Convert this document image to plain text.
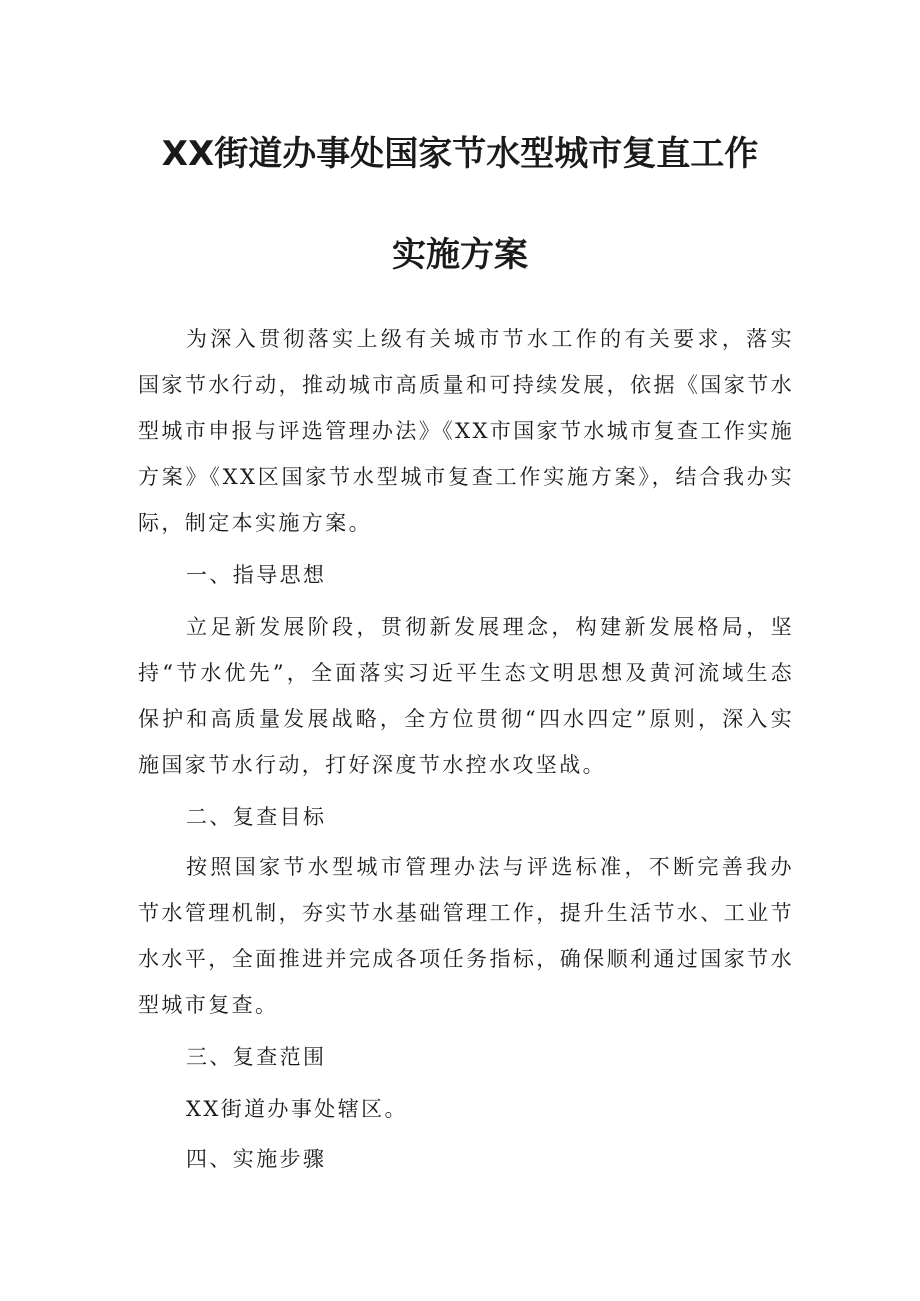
XX街道办事处国家节水型城市复直工作
实施方案

为深入贯彻落实上级有关城市节水工作的有关要求，落实国家节水行动，推动城市高质量和可持续发展，依据《国家节水型城市申报与评选管理办法》《XX市国家节水城市复查工作实施方案》《XX区国家节水型城市复查工作实施方案》，结合我办实际，制定本实施方案。

一、指导思想

立足新发展阶段，贯彻新发展理念，构建新发展格局，坚持“节水优先”，全面落实习近平生态文明思想及黄河流域生态保护和高质量发展战略，全方位贯彻“四水四定”原则，深入实施国家节水行动，打好深度节水控水攻坚战。

二、复查目标

按照国家节水型城市管理办法与评选标准，不断完善我办节水管理机制，夯实节水基础管理工作，提升生活节水、工业节水水平，全面推进并完成各项任务指标，确保顺利通过国家节水型城市复查。

三、复查范围

XX街道办事处辖区。

四、实施步骤
